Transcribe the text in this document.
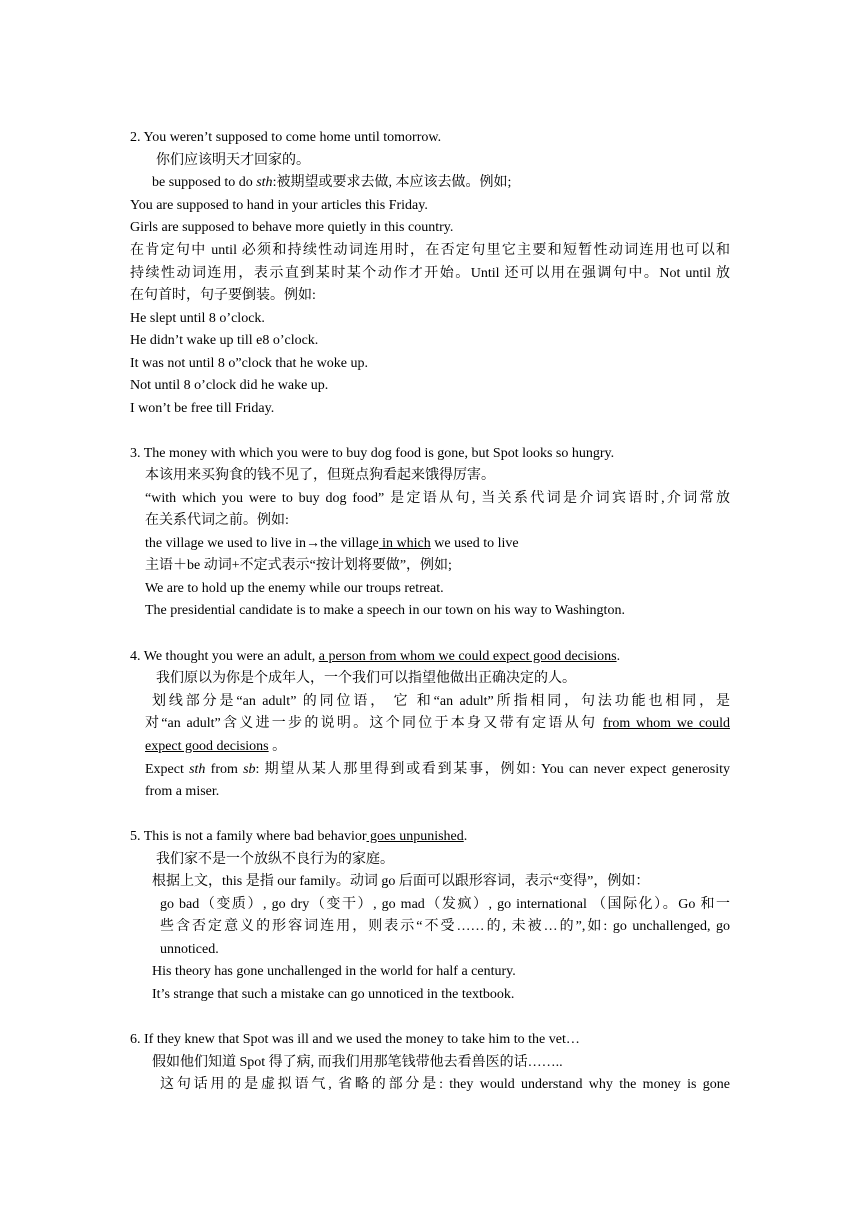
2. You weren’t supposed to come home until tomorrow.
你们应该明天才回家的。
be supposed to do sth:被期望或要求去做, 本应该去做。例如;
You are supposed to hand in your articles this Friday.
Girls are supposed to behave more quietly in this country.
在肯定句中 until 必须和持续性动词连用时，在否定句里它主要和短暂性动词连用也可以和
持续性动词连用，表示直到某时某个动作才开始。Until 还可以用在强调句中。Not until 放
在句首时，句子要倒装。例如:
He slept until 8 o’clock.
He didn’t wake up till e8 o’clock.
It was not until 8 o”clock that he woke up.
Not until 8 o’clock did he wake up.
I won’t be free till Friday.
3. The money with which you were to buy dog food is gone, but Spot looks so hungry.
本该用来买狗食的钱不见了，但斑点狗看起来饿得厉害。
“with which you were to buy dog food” 是定语从句, 当关系代词是介词宾语时,介词常放
在关系代词之前。例如:
the village we used to live in→the village in which we used to live
主语＋be 动词+不定式表示“按计划将要做”，例如;
We are to hold up the enemy while our troups retreat.
The presidential candidate is to make a speech in our town on his way to Washington.
4. We thought you were an adult, a person from whom we could expect good decisions.
我们原以为你是个成年人，一个我们可以指望他做出正确决定的人。
划线部分是“an adult” 的同位语， 它 和“an adult”所指相同，句法功能也相同，是
对“an adult”含义进一步的说明。这个同位于本身又带有定语从句 from whom we could
expect good decisions 。
Expect sth from sb: 期望从某人那里得到或看到某事，例如: You can never expect generosity
from a miser.
5. This is not a family where bad behavior goes unpunished.
我们家不是一个放纵不良行为的家庭。
根据上文，this 是指 our family。动词 go 后面可以跟形容词，表示“变得”，例如：
go bad（变质）, go dry（变干）, go mad（发疯）, go international （国际化）。Go 和一
些含否定意义的形容词连用，则表示“不受……的, 未被…的”,如: go unchallenged, go
unnoticed.
His theory has gone unchallenged in the world for half a century.
It’s strange that such a mistake can go unnoticed in the textbook.
6. If they knew that Spot was ill and we used the money to take him to the vet…
假如他们知道 Spot 得了病, 而我们用那笔钱带他去看兽医的话……..
这句话用的是虚拟语气, 省略的部分是: they would understand why the money is gone
